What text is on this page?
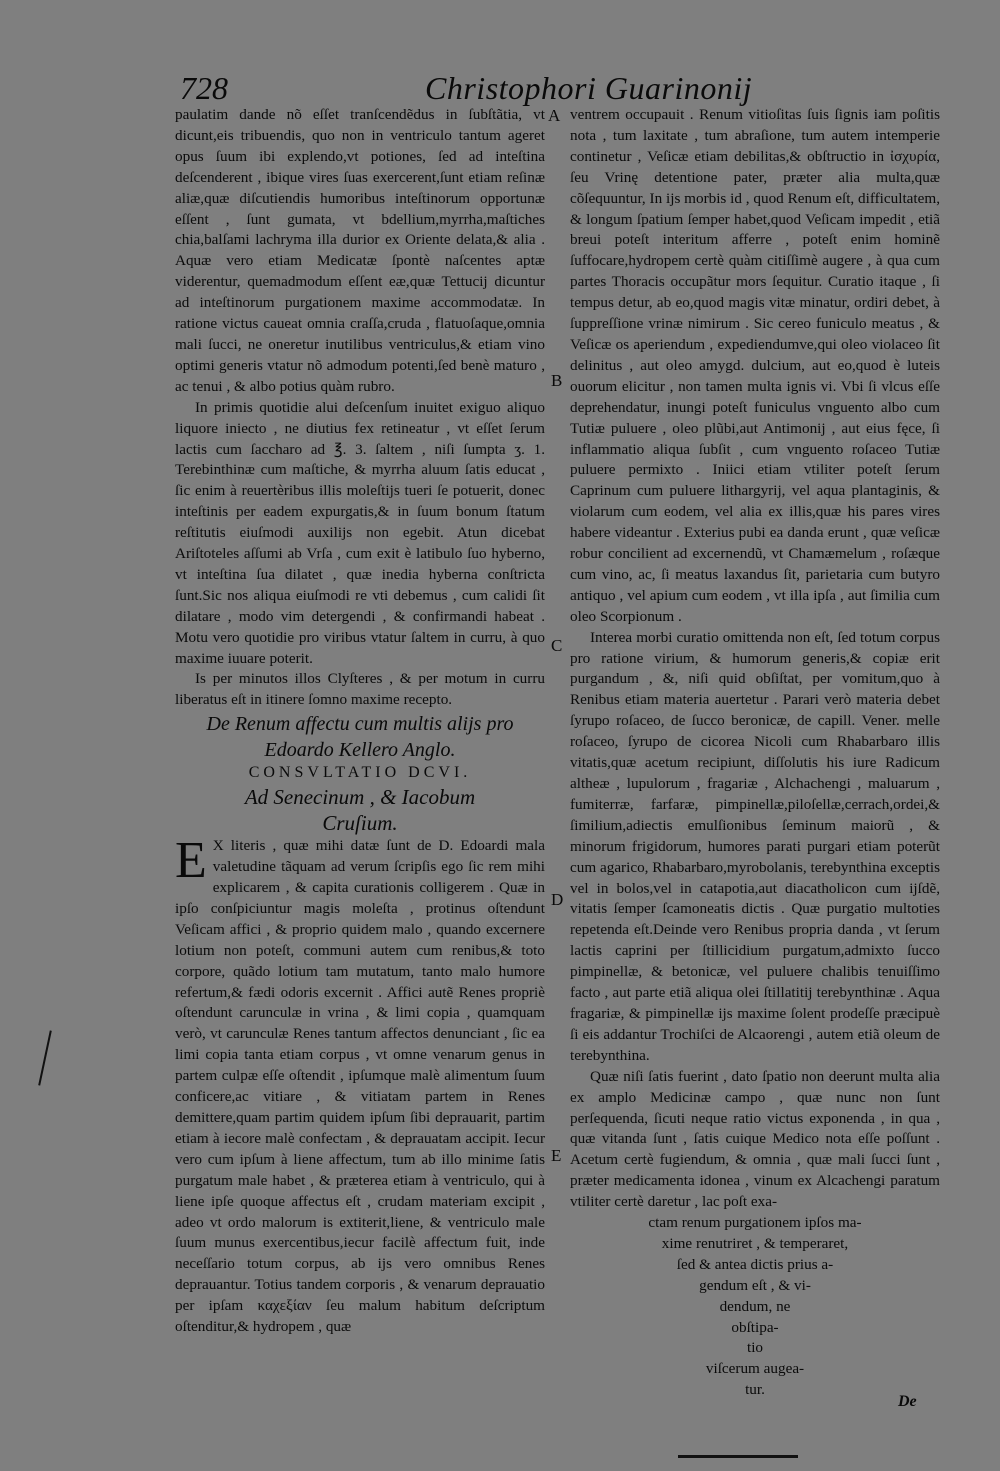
728	Christophori Guarinonij

paulatim dande nõ eſſet tranſcendẽdus in ſubſtãtia, vt dicunt,eis tribuendis, quo non in ventriculo tantum ageret opus ſuum ibi explendo,vt potiones, ſed ad inteſtina deſcenderent , ibique vires ſuas exercerent,ſunt etiam reſinæ aliæ,quæ diſcutiendis humoribus inteſtinorum opportunæ eſſent , ſunt gumata, vt bdellium,myrrha,maſtiches chia,balſami lachryma illa durior ex Oriente delata,& alia . Aquæ vero etiam Medicatæ ſpontè naſcentes aptæ viderentur, quemadmodum eſſent eæ,quæ Tettucij dicuntur ad inteſtinorum purgationem maxime accommodatæ. In ratione victus caueat omnia craſſa,cruda , flatuoſaque,omnia mali ſucci, ne oneretur inutilibus ventriculus,& etiam vino optimi generis vtatur nõ admodum potenti,ſed benè maturo , ac tenui , & albo potius quàm rubro.

In primis quotidie alui deſcenſum inuitet exiguo aliquo liquore iniecto , ne diutius fex retineatur , vt eſſet ſerum lactis cum ſaccharo ad ℥. 3. ſaltem , niſi ſumpta ʒ. 1. Terebinthinæ cum maſtiche, & myrrha aluum ſatis educat , ſic enim à reuertèribus illis moleſtijs tueri ſe potuerit, donec inteſtinis per eadem expurgatis,& in ſuum bonum ſtatum reſtitutis eiuſmodi auxilijs non egebit. Atun dicebat Ariſtoteles aſſumi ab Vrſa , cum exit è latibulo ſuo hyberno, vt inteſtina ſua dilatet , quæ inedia hyberna conſtricta ſunt.Sic nos aliqua eiuſmodi re vti debemus , cum calidi ſit dilatare , modo vim detergendi , & confirmandi habeat . Motu vero quotidie pro viribus vtatur ſaltem in curru, à quo maxime iuuare poterit.

Is per minutos illos Clyſteres , & per motum in curru liberatus eſt in itinere ſomno maxime recepto.

De Renum affectu cum multis alijs pro
Edoardo Kellero Anglo.

CONSVLTATIO DCVI.

Ad Senecinum , & Iacobum
Cruſium.

E X literis , quæ mihi datæ ſunt de D. Edoardi mala valetudine tãquam ad verum ſcripſis ego ſic rem mihi explicarem , & capita curationis colligerem . Quæ in ipſo conſpiciuntur magis moleſta , protinus oſtendunt Veſicam affici , & proprio quidem malo , quando excernere lotium non poteſt, communi autem cum renibus,& toto corpore, quãdo lotium tam mutatum, tanto malo humore refertum,& fædi odoris excernit . Affici autẽ Renes propriè oſtendunt carunculæ in vrina , & limi copia , quamquam verò, vt carunculæ Renes tantum affectos denunciant , ſic ea limi copia tanta etiam corpus , vt omne venarum genus in partem culpæ eſſe oſtendit , ipſumque malè alimentum ſuum conficere,ac vitiare , & vitiatam partem in Renes demittere,quam partim quidem ipſum ſibi deprauarit, partim etiam à iecore malè confectam , & deprauatam accipit. Iecur vero cum ipſum à liene affectum, tum ab illo minime ſatis purgatum male habet , & præterea etiam à ventriculo, qui à liene ipſe quoque affectus eſt , crudam materiam excipit , adeo vt ordo malorum is extiterit,liene, & ventriculo male ſuum munus exercentibus,iecur facilè affectum fuit, inde neceſſario totum corpus, ab ijs vero omnibus Renes deprauantur. Totius tandem corporis , & venarum deprauatio per ipſam καχεξίαν ſeu malum habitum deſcriptum oſtenditur,& hydropem , quæ

ventrem occupauit . Renum vitioſitas ſuis ſignis iam poſitis nota , tum laxitate , tum abraſione, tum autem intemperie continetur , Veſicæ etiam debilitas,& obſtructio in ἰσχυρία, ſeu Vrinę detentione pater, præter alia multa,quæ cõſequuntur, In ijs morbis id , quod Renum eſt, difficultatem, & longum ſpatium ſemper habet,quod Veſicam impedit , etiã breui poteſt interitum afferre , poteſt enim hominẽ ſuffocare,hydropem certè quàm citiſſimè augere , à qua cum partes Thoracis occupãtur mors ſequitur. Curatio itaque , ſi tempus detur, ab eo,quod magis vitæ minatur, ordiri debet, à ſuppreſſione vrinæ nimirum . Sic cereo funiculo meatus , & Veſicæ os aperiendum , expediendumve,qui oleo violaceo ſit delinitus , aut oleo amygd. dulcium, aut eo,quod è luteis ouorum elicitur , non tamen multa ignis vi. Vbi ſi vlcus eſſe deprehendatur, inungi poteſt funiculus vnguento albo cum Tutiæ puluere , oleo plũbi,aut Antimonij , aut eius fęce, ſi inflammatio aliqua ſubſit , cum vnguento roſaceo Tutiæ puluere permixto . Iniici etiam vtiliter poteſt ſerum Caprinum cum puluere lithargyrij, vel aqua plantaginis, & violarum cum eodem, vel alia ex illis,quæ his pares vires habere videantur . Exterius pubi ea danda erunt , quæ veſicæ robur concilient ad excernendũ, vt Chamæmelum , roſæque cum vino, ac, ſi meatus laxandus ſit, parietaria cum butyro antiquo , vel apium cum eodem , vt illa ipſa , aut ſimilia cum oleo Scorpionum .

Interea morbi curatio omittenda non eſt, ſed totum corpus pro ratione virium, & humorum generis,& copiæ erit purgandum , &, niſi quid obſiſtat, per vomitum,quo à Renibus etiam materia auertetur . Parari verò materia debet ſyrupo roſaceo, de ſucco beronicæ, de capill. Vener. melle roſaceo, ſyrupo de cicorea Nicoli cum Rhabarbaro illis vitatis,quæ acetum recipiunt, diſſolutis his iure Radicum altheæ , lupulorum , fragariæ , Alchachengi , maluarum , fumiterræ, farfaræ, pimpinellæ,piloſellæ,cerrach,ordei,& ſimilium,adiectis emulſionibus ſeminum maiorũ , & minorum frigidorum, humores parati purgari etiam poterũt cum agarico, Rhabarbaro,myrobolanis, terebynthina exceptis vel in bolos,vel in catapotia,aut diacatholicon cum ijſdẽ, vitatis ſemper ſcamoneatis dictis . Quæ purgatio multoties repetenda eſt.Deinde vero Renibus propria danda , vt ſerum lactis caprini per ſtillicidium purgatum,admixto ſucco pimpinellæ, & betonicæ, vel puluere chalibis tenuiſſimo facto , aut parte etiã aliqua olei ſtillatitij terebynthinæ . Aqua fragariæ, & pimpinellæ ijs maxime ſolent prodeſſe præcipuè ſi eis addantur Trochiſci de Alcaorengi , autem etiã oleum de terebynthina.

Quæ niſi ſatis fuerint , dato ſpatio non deerunt multa alia ex amplo Medicinæ campo , quæ nunc non ſunt perſequenda, ſicuti neque ratio victus exponenda , in qua , quæ vitanda ſunt , ſatis cuique Medico nota eſſe poſſunt . Acetum certè fugiendum, & omnia , quæ mali ſucci ſunt , præter medicamenta idonea , vinum ex Alcachengi paratum vtiliter certè daretur , lac poſt exa-

ctam renum purgationem ipſos ma-

xime renutriret , & temperaret,

ſed & antea dictis prius a-

gendum eſt , & vi-

dendum, ne

obſtipa-

tio

viſcerum augea-

tur.

A
B
C
D
E
De
